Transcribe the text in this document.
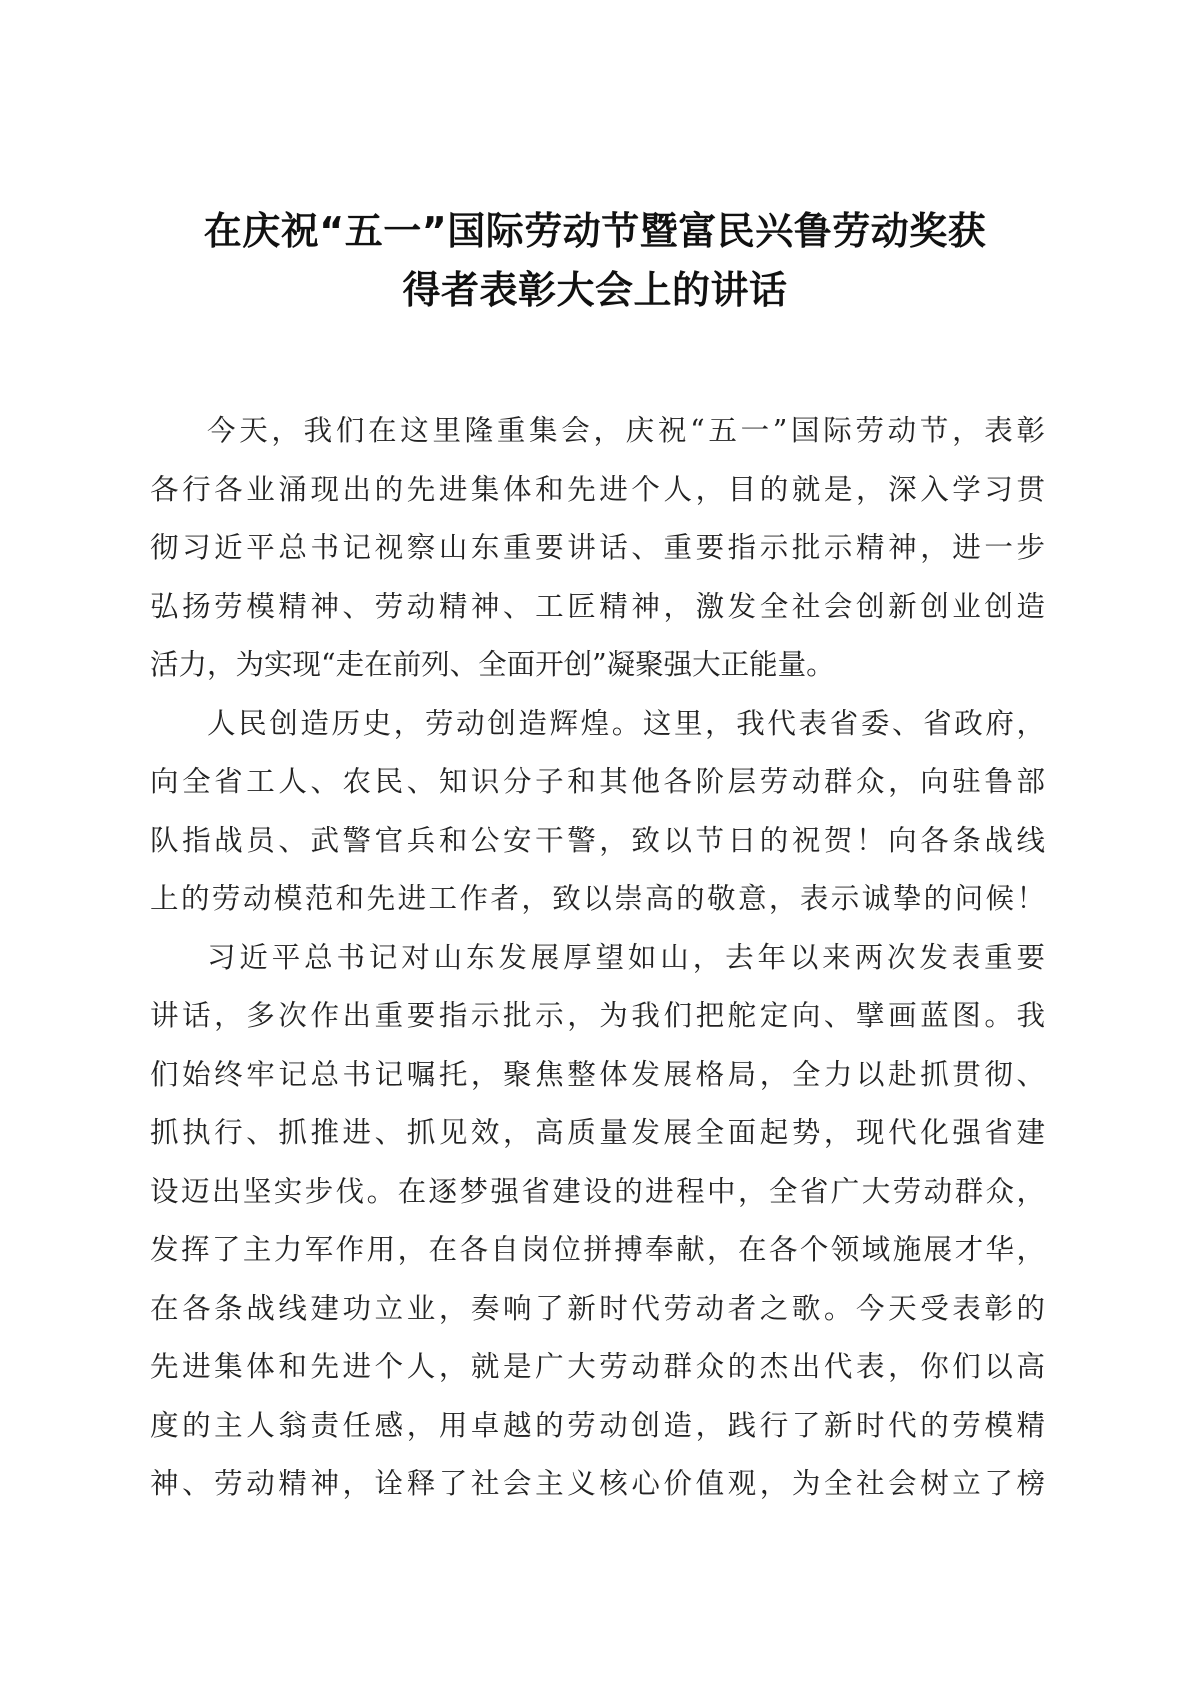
在庆祝“五一”国际劳动节暨富民兴鲁劳动奖获
得者表彰大会上的讲话
今天，我们在这里隆重集会，庆祝“五一”国际劳动节，表彰
各行各业涌现出的先进集体和先进个人，目的就是，深入学习贯
彻习近平总书记视察山东重要讲话、重要指示批示精神，进一步
弘扬劳模精神、劳动精神、工匠精神，激发全社会创新创业创造
活力，为实现“走在前列、全面开创”凝聚强大正能量。
人民创造历史，劳动创造辉煌。这里，我代表省委、省政府，
向全省工人、农民、知识分子和其他各阶层劳动群众，向驻鲁部
队指战员、武警官兵和公安干警，致以节日的祝贺！向各条战线
上的劳动模范和先进工作者，致以崇高的敬意，表示诚挚的问候！
习近平总书记对山东发展厚望如山，去年以来两次发表重要
讲话，多次作出重要指示批示，为我们把舵定向、擘画蓝图。我
们始终牢记总书记嘱托，聚焦整体发展格局，全力以赴抓贯彻、
抓执行、抓推进、抓见效，高质量发展全面起势，现代化强省建
设迈出坚实步伐。在逐梦强省建设的进程中，全省广大劳动群众，
发挥了主力军作用，在各自岗位拼搏奉献，在各个领域施展才华，
在各条战线建功立业，奏响了新时代劳动者之歌。今天受表彰的
先进集体和先进个人，就是广大劳动群众的杰出代表，你们以高
度的主人翁责任感，用卓越的劳动创造，践行了新时代的劳模精
神、劳动精神，诠释了社会主义核心价值观，为全社会树立了榜
